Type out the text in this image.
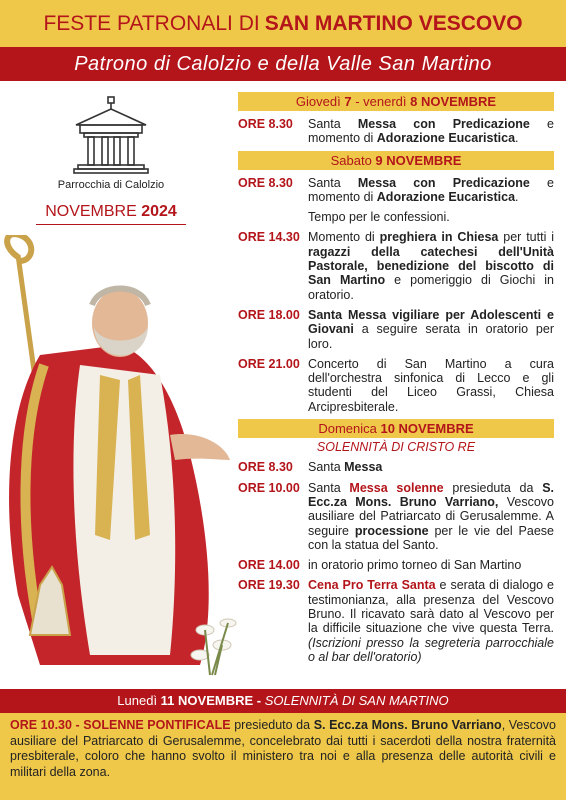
FESTE PATRONALI DI SAN MARTINO VESCOVO
Patrono di Calolzio e della Valle San Martino
Parrocchia di Calolzio
NOVEMBRE 2024
Giovedì 7 - venerdì 8 NOVEMBRE
ORE 8.30	Santa Messa con Predicazione e momento di Adorazione Eucaristica.
Sabato 9 NOVEMBRE
ORE 8.30	Santa Messa con Predicazione e momento di Adorazione Eucaristica.
Tempo per le confessioni.
ORE 14.30 Momento di preghiera in Chiesa per tutti i ragazzi della catechesi dell'Unità Pastorale, benedizione del biscotto di San Martino e pomeriggio di Giochi in oratorio.
ORE 18.00 Santa Messa vigiliare per Adolescenti e Giovani a seguire serata in oratorio per loro.
ORE 21.00 Concerto di San Martino a cura dell'orchestra sinfonica di Lecco e gli studenti del Liceo Grassi, Chiesa Arcipresbiterale.
Domenica 10 NOVEMBRE
SOLENNITÀ DI CRISTO RE
ORE 8.30	Santa Messa
ORE 10.00 Santa Messa solenne presieduta da S. Ecc.za Mons. Bruno Varriano, Vescovo ausiliare del Patriarcato di Gerusalemme. A seguire processione per le vie del Paese con la statua del Santo.
ORE 14.00 in oratorio primo torneo di San Martino
ORE 19.30 Cena Pro Terra Santa e serata di dialogo e testimonianza, alla presenza del Vescovo Bruno. Il ricavato sarà dato al Vescovo per la difficile situazione che vive questa Terra. (Iscrizioni presso la segreteria parrocchiale o al bar dell'oratorio)
Lunedì 11 NOVEMBRE - SOLENNITÀ DI SAN MARTINO
ORE 10.30 - SOLENNE PONTIFICALE presieduto da S. Ecc.za Mons. Bruno Varriano, Vescovo ausiliare del Patriarcato di Gerusalemme, concelebrato dai tutti i sacerdoti della nostra fraternità presbiterale, coloro che hanno svolto il ministero tra noi e alla presenza delle autorità civili e militari della zona.
